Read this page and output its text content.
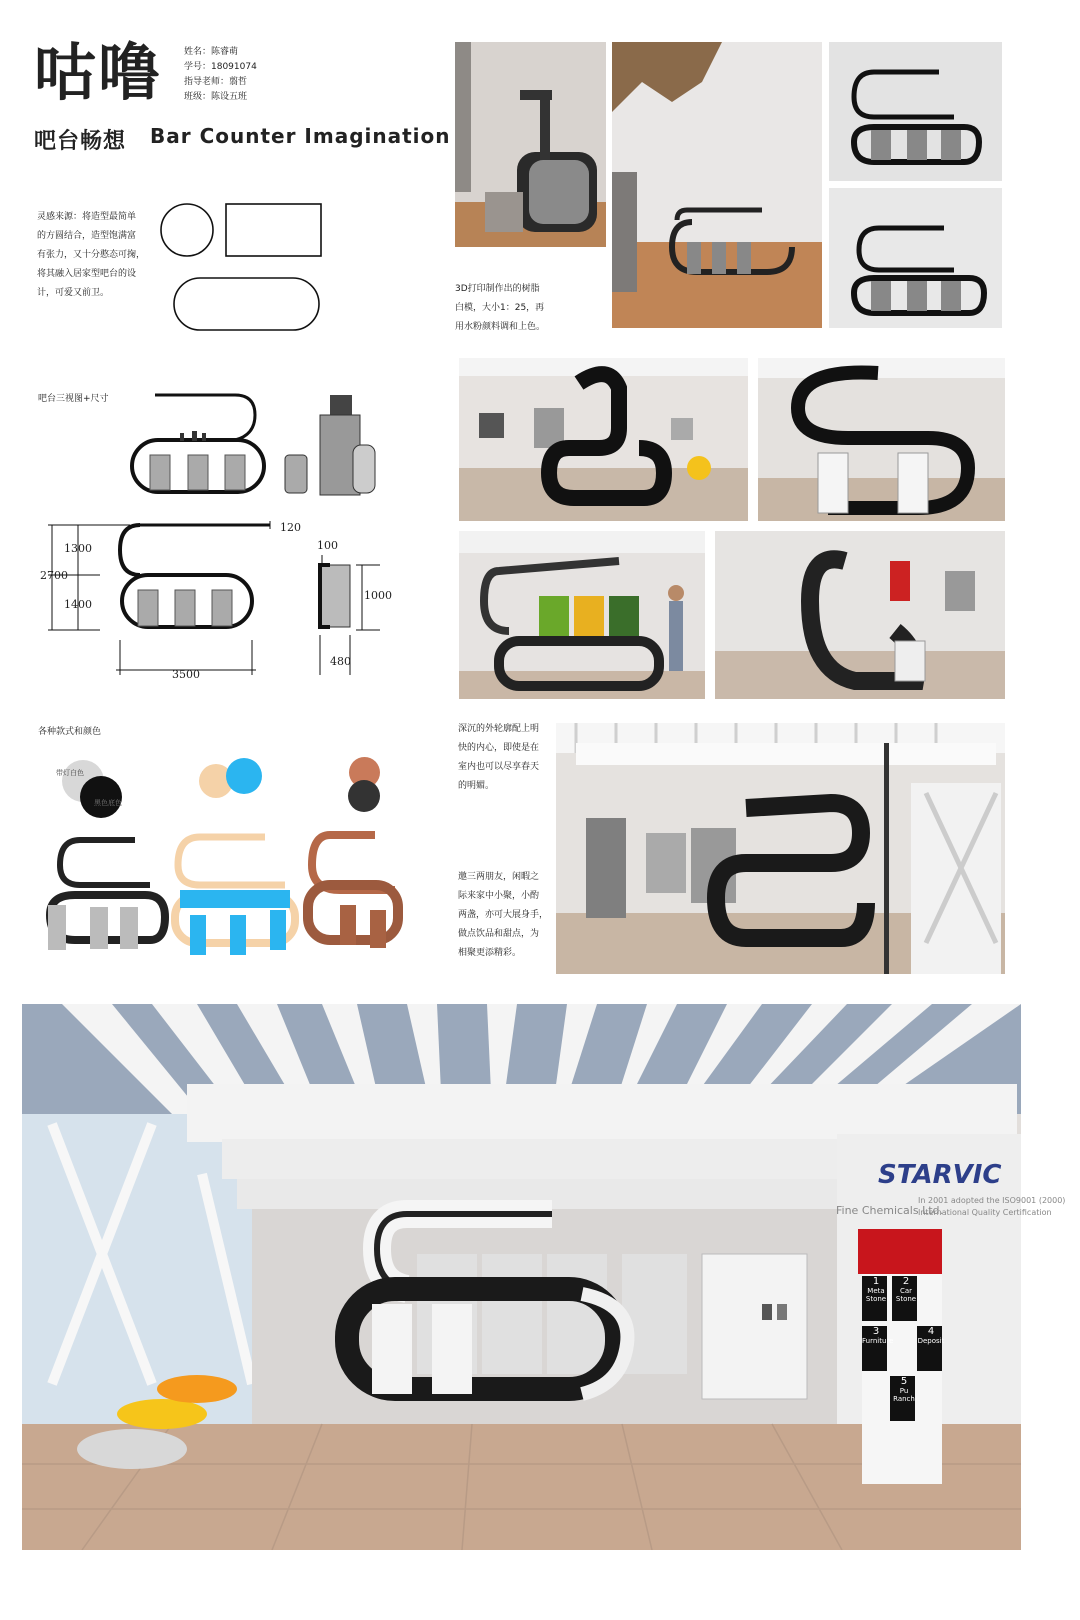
咕噜 姓名：陈睿萌
学号：18091074
指导老师：翦哲
班级：陈设五班
吧台畅想 Bar Counter Imagination
灵感来源：将造型最简单
的方圆结合，造型饱满富
有张力，又十分憨态可掬，
将其融入居家型吧台的设
计，可爱又前卫。	3D打印制作出的树脂
白模，大小1：25，再
用水粉颜料调和上色。
吧台三视图+尺寸
1300
2700
1400
3500
120
100
1000
480
各种款式和颜色
带灯白色
黑色底色
深沉的外轮廓配上明
快的内心，即使是在
室内也可以尽享春天
的明媚。
邀三两朋友，闲暇之
际来家中小聚，小酌
两盏，亦可大展身手，
做点饮品和甜点，为
相聚更添精彩。
STARVIC
Fine Chemicals Ltd.
In 2001 adopted the ISO9001 (2000)
International Quality Certification
1
Meta Stone
2
Car Stone
3
Furniture
4
Deposit
5
Pu Ranch
